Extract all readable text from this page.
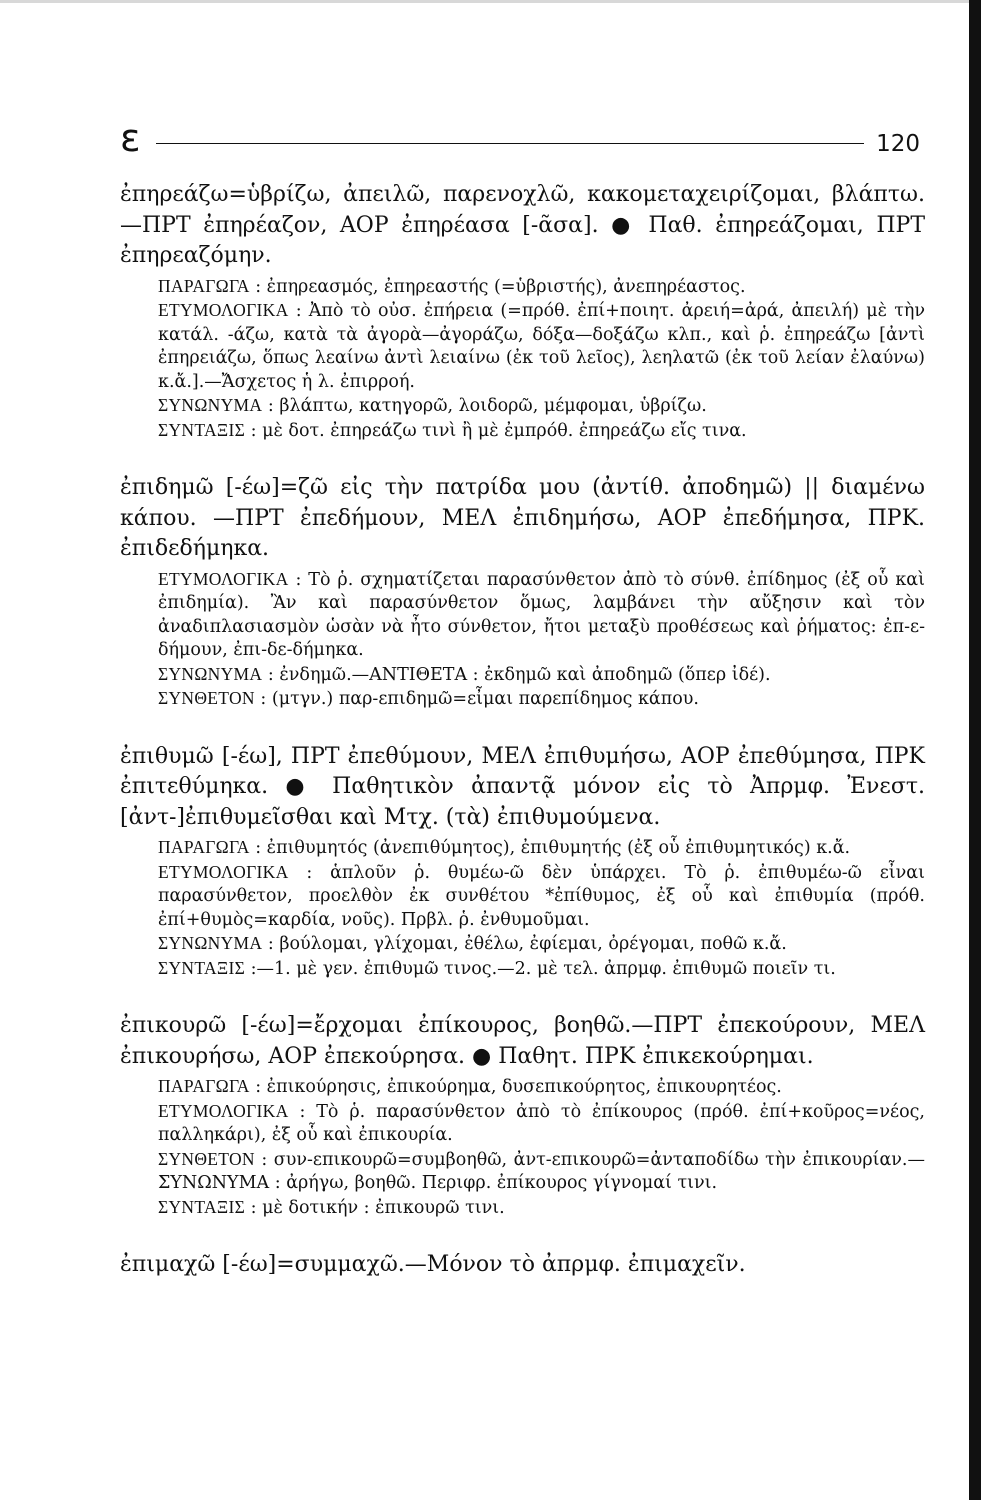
ε	120

ἐπηρεάζω=ὑβρίζω, ἀπειλῶ, παρενοχλῶ, κακομεταχειρίζομαι, βλάπτω.—ΠΡΤ ἐπηρέαζον, ΑΟΡ ἐπηρέασα [-ᾶσα]. ● Παθ. ἐπηρεάζομαι, ΠΡΤ ἐπηρεαζόμην.

ΠΑΡΑΓΩΓΑ : ἐπηρεασμός, ἐπηρεαστής (=ὑβριστής), ἀνεπηρέαστος.

ΕΤΥΜΟΛΟΓΙΚΑ : Ἀπὸ τὸ οὐσ. ἐπήρεια (=πρόθ. ἐπί+ποιητ. ἀρειή=ἀρά, ἀπειλή) μὲ τὴν κατάλ. -άζω, κατὰ τὰ ἀγορὰ—ἀγοράζω, δόξα—δοξάζω κλπ., καὶ ῥ. ἐπηρεάζω [ἀντὶ ἐπηρειάζω, ὅπως λεαίνω ἀντὶ λειαίνω (ἐκ τοῦ λεῖος), λεηλατῶ (ἐκ τοῦ λείαν ἐλαύνω) κ.ἄ.].—Ἄσχετος ἡ λ. ἐπιρροή.

ΣΥΝΩΝΥΜΑ : βλάπτω, κατηγορῶ, λοιδορῶ, μέμφομαι, ὑβρίζω.

ΣΥΝΤΑΞΙΣ : μὲ δοτ. ἐπηρεάζω τινὶ ἢ μὲ ἐμπρόθ. ἐπηρεάζω εἴς τινα.

ἐπιδημῶ [-έω]=ζῶ εἰς τὴν πατρίδα μου (ἀντίθ. ἀποδημῶ) || διαμένω κάπου. —ΠΡΤ ἐπεδήμουν, ΜΕΛ ἐπιδημήσω, ΑΟΡ ἐπεδήμησα, ΠΡΚ. ἐπιδεδήμηκα.

ΕΤΥΜΟΛΟΓΙΚΑ : Τὸ ῥ. σχηματίζεται παρασύνθετον ἀπὸ τὸ σύνθ. ἐπίδημος (ἐξ οὗ καὶ ἐπιδημία). Ἂν καὶ παρασύνθετον ὅμως, λαμβάνει τὴν αὔξησιν καὶ τὸν ἀναδιπλασιασμὸν ὡσὰν νὰ ἦτο σύνθετον, ἤτοι μεταξὺ προθέσεως καὶ ῥήματος: ἐπ-ε-δήμουν, ἐπι-δε-δήμηκα.

ΣΥΝΩΝΥΜΑ : ἐνδημῶ.—ΑΝΤΙΘΕΤΑ : ἐκδημῶ καὶ ἀποδημῶ (ὅπερ ἰδέ).

ΣΥΝΘΕΤΟΝ : (μτγν.) παρ-επιδημῶ=εἶμαι παρεπίδημος κάπου.

ἐπιθυμῶ [-έω], ΠΡΤ ἐπεθύμουν, ΜΕΛ ἐπιθυμήσω, ΑΟΡ ἐπεθύμησα, ΠΡΚ ἐπιτεθύμηκα. ● Παθητικὸν ἀπαντᾷ μόνον εἰς τὸ Ἀπρμφ. Ἐνεστ. [ἀντ-]ἐπιθυμεῖσθαι καὶ Μτχ. (τὰ) ἐπιθυμούμενα.

ΠΑΡΑΓΩΓΑ : ἐπιθυμητός (ἀνεπιθύμητος), ἐπιθυμητής (ἐξ οὗ ἐπιθυμητικός) κ.ἄ.

ΕΤΥΜΟΛΟΓΙΚΑ : ἁπλοῦν ῥ. θυμέω-ῶ δὲν ὑπάρχει. Τὸ ῥ. ἐπιθυμέω-ῶ εἶναι παρασύνθετον, προελθὸν ἐκ συνθέτου *ἐπίθυμος, ἐξ οὗ καὶ ἐπιθυμία (πρόθ. ἐπί+θυμὸς=καρδία, νοῦς). Πρβλ. ῥ. ἐνθυμοῦμαι.

ΣΥΝΩΝΥΜΑ : βούλομαι, γλίχομαι, ἐθέλω, ἐφίεμαι, ὀρέγομαι, ποθῶ κ.ἄ.

ΣΥΝΤΑΞΙΣ :—1. μὲ γεν. ἐπιθυμῶ τινος.—2. μὲ τελ. ἀπρμφ. ἐπιθυμῶ ποιεῖν τι.

ἐπικουρῶ [-έω]=ἔρχομαι ἐπίκουρος, βοηθῶ.—ΠΡΤ ἐπεκούρουν, ΜΕΛ ἐπικουρήσω, ΑΟΡ ἐπεκούρησα. ● Παθητ. ΠΡΚ ἐπικεκούρημαι.

ΠΑΡΑΓΩΓΑ : ἐπικούρησις, ἐπικούρημα, δυσεπικούρητος, ἐπικουρητέος.

ΕΤΥΜΟΛΟΓΙΚΑ : Τὸ ῥ. παρασύνθετον ἀπὸ τὸ ἐπίκουρος (πρόθ. ἐπί+κοῦρος=νέος, παλληκάρι), ἐξ οὗ καὶ ἐπικουρία.

ΣΥΝΘΕΤΟΝ : συν-επικουρῶ=συμβοηθῶ, ἀντ-επικουρῶ=ἀνταποδίδω τὴν ἐπικουρίαν.—ΣΥΝΩΝΥΜΑ : ἀρήγω, βοηθῶ. Περιφρ. ἐπίκουρος γίγνομαί τινι.

ΣΥΝΤΑΞΙΣ : μὲ δοτικήν : ἐπικουρῶ τινι.

ἐπιμαχῶ [-έω]=συμμαχῶ.—Μόνον τὸ ἀπρμφ. ἐπιμαχεῖν.
